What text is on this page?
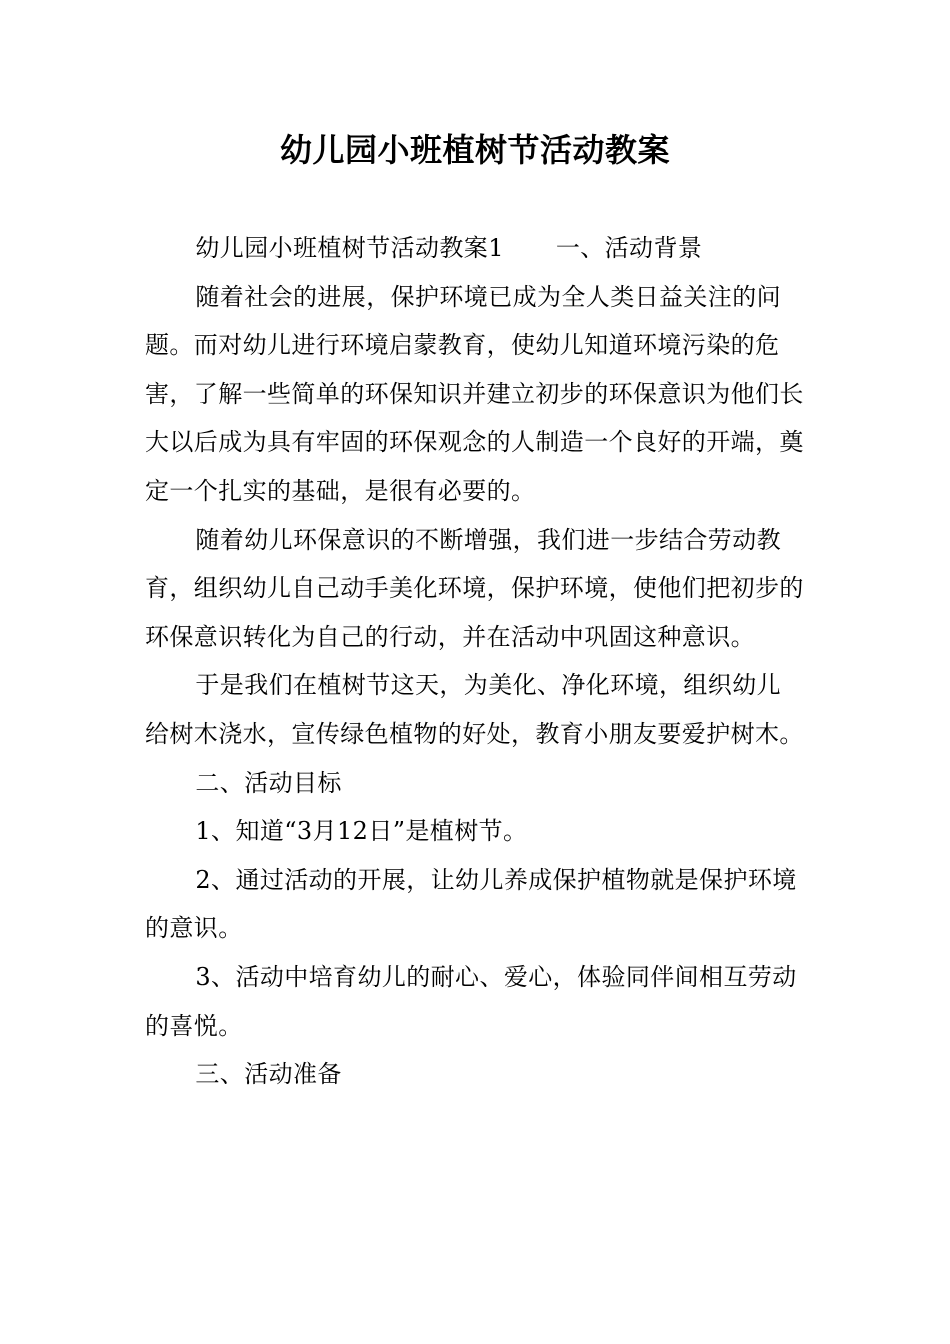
幼儿园小班植树节活动教案

幼儿园小班植树节活动教案1 一、活动背景

随着社会的进展，保护环境已成为全人类日益关注的问题。而对幼儿进行环境启蒙教育，使幼儿知道环境污染的危害，了解一些简单的环保知识并建立初步的环保意识为他们长大以后成为具有牢固的环保观念的人制造一个良好的开端，奠定一个扎实的基础，是很有必要的。

随着幼儿环保意识的不断增强，我们进一步结合劳动教育，组织幼儿自己动手美化环境，保护环境，使他们把初步的环保意识转化为自己的行动，并在活动中巩固这种意识。

于是我们在植树节这天，为美化、净化环境，组织幼儿给树木浇水，宣传绿色植物的好处，教育小朋友要爱护树木。

二、活动目标

1、知道“3月12日”是植树节。

2、通过活动的开展，让幼儿养成保护植物就是保护环境的意识。

3、活动中培育幼儿的耐心、爱心，体验同伴间相互劳动的喜悦。

三、活动准备
